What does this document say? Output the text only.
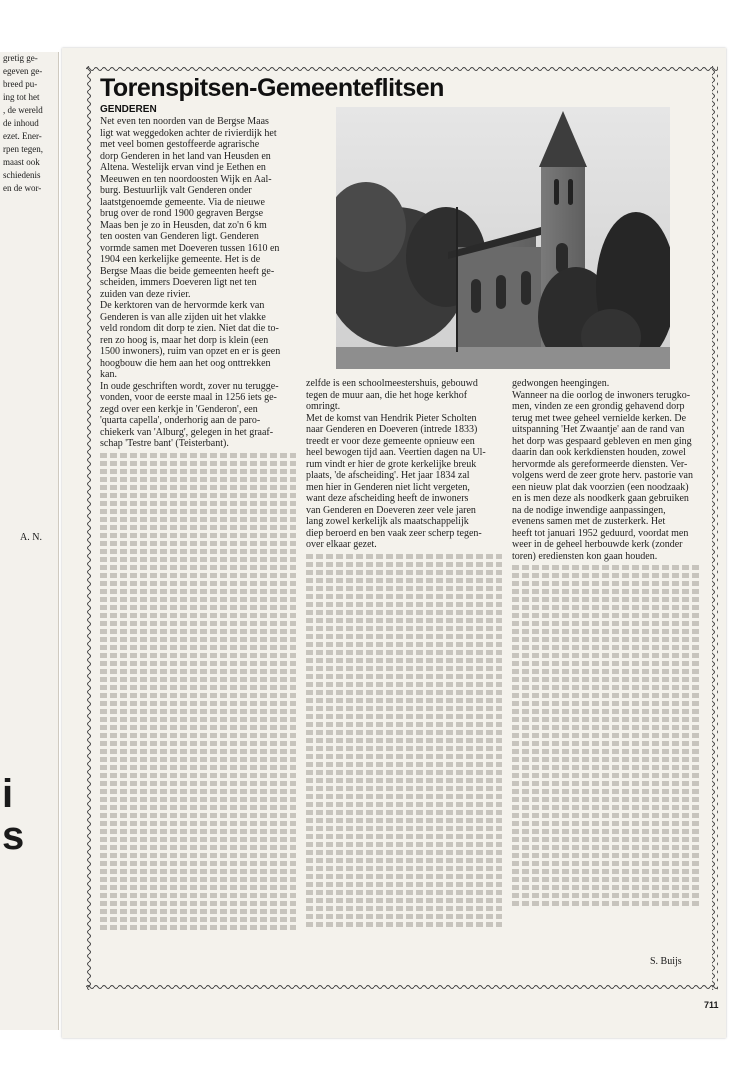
gretig ge-
egeven ge-
breed pu-
ing tot het
, de wereld
de inhoud
ezet. Ener-
rpen tegen,
maast ook
schiedenis
en de wor-
A. N.
i
s
Torenspitsen-Gemeenteflitsen
GENDEREN
Net even ten noorden van de Bergse Maas
ligt wat weggedoken achter de rivierdijk het
met veel bomen gestoffeerde agrarische
dorp Genderen in het land van Heusden en
Altena. Westelijk ervan vind je Eethen en
Meeuwen en ten noordoosten Wijk en Aal-
burg. Bestuurlijk valt Genderen onder
laatstgenoemde gemeente. Via de nieuwe
brug over de rond 1900 gegraven Bergse
Maas ben je zo in Heusden, dat zo'n 6 km
ten oosten van Genderen ligt. Genderen
vormde samen met Doeveren tussen 1610 en
1904 een kerkelijke gemeente. Het is de
Bergse Maas die beide gemeenten heeft ge-
scheiden, immers Doeveren ligt net ten
zuiden van deze rivier.
De kerktoren van de hervormde kerk van
Genderen is van alle zijden uit het vlakke
veld rondom dit dorp te zien. Niet dat die to-
ren zo hoog is, maar het dorp is klein (een
1500 inwoners), ruim van opzet en er is geen
hoogbouw die hem aan het oog onttrekken
kan.
In oude geschriften wordt, zover nu terugge-
vonden, voor de eerste maal in 1256 iets ge-
zegd over een kerkje in 'Genderon', een
'quarta capella', onderhorig aan de paro-
chiekerk van 'Alburg', gelegen in het graaf-
schap 'Testre bant' (Teisterbant).
zelfde is een schoolmeestershuis, gebouwd
tegen de muur aan, die het hoge kerkhof
omringt.
Met de komst van Hendrik Pieter Scholten
naar Genderen en Doeveren (intrede 1833)
treedt er voor deze gemeente opnieuw een
heel bewogen tijd aan. Veertien dagen na Ul-
rum vindt er hier de grote kerkelijke breuk
plaats, 'de afscheiding'. Het jaar 1834 zal
men hier in Genderen niet licht vergeten,
want deze afscheiding heeft de inwoners
van Genderen en Doeveren zeer vele jaren
lang zowel kerkelijk als maatschappelijk
diep beroerd en ben vaak zeer scherp tegen-
over elkaar gezet.
gedwongen heengingen.
Wanneer na die oorlog de inwoners terugko-
men, vinden ze een grondig gehavend dorp
terug met twee geheel vernielde kerken. De
uitspanning 'Het Zwaantje' aan de rand van
het dorp was gespaard gebleven en men ging
daarin dan ook kerkdiensten houden, zowel
hervormde als gereformeerde diensten. Ver-
volgens werd de zeer grote herv. pastorie van
een nieuw plat dak voorzien (een noodzaak)
en is men deze als noodkerk gaan gebruiken
na de nodige inwendige aanpassingen,
evenens samen met de zusterkerk. Het
heeft tot januari 1952 geduurd, voordat men
weer in de geheel herbouwde kerk (zonder
toren) erediensten kon gaan houden.
S. Buijs
711
